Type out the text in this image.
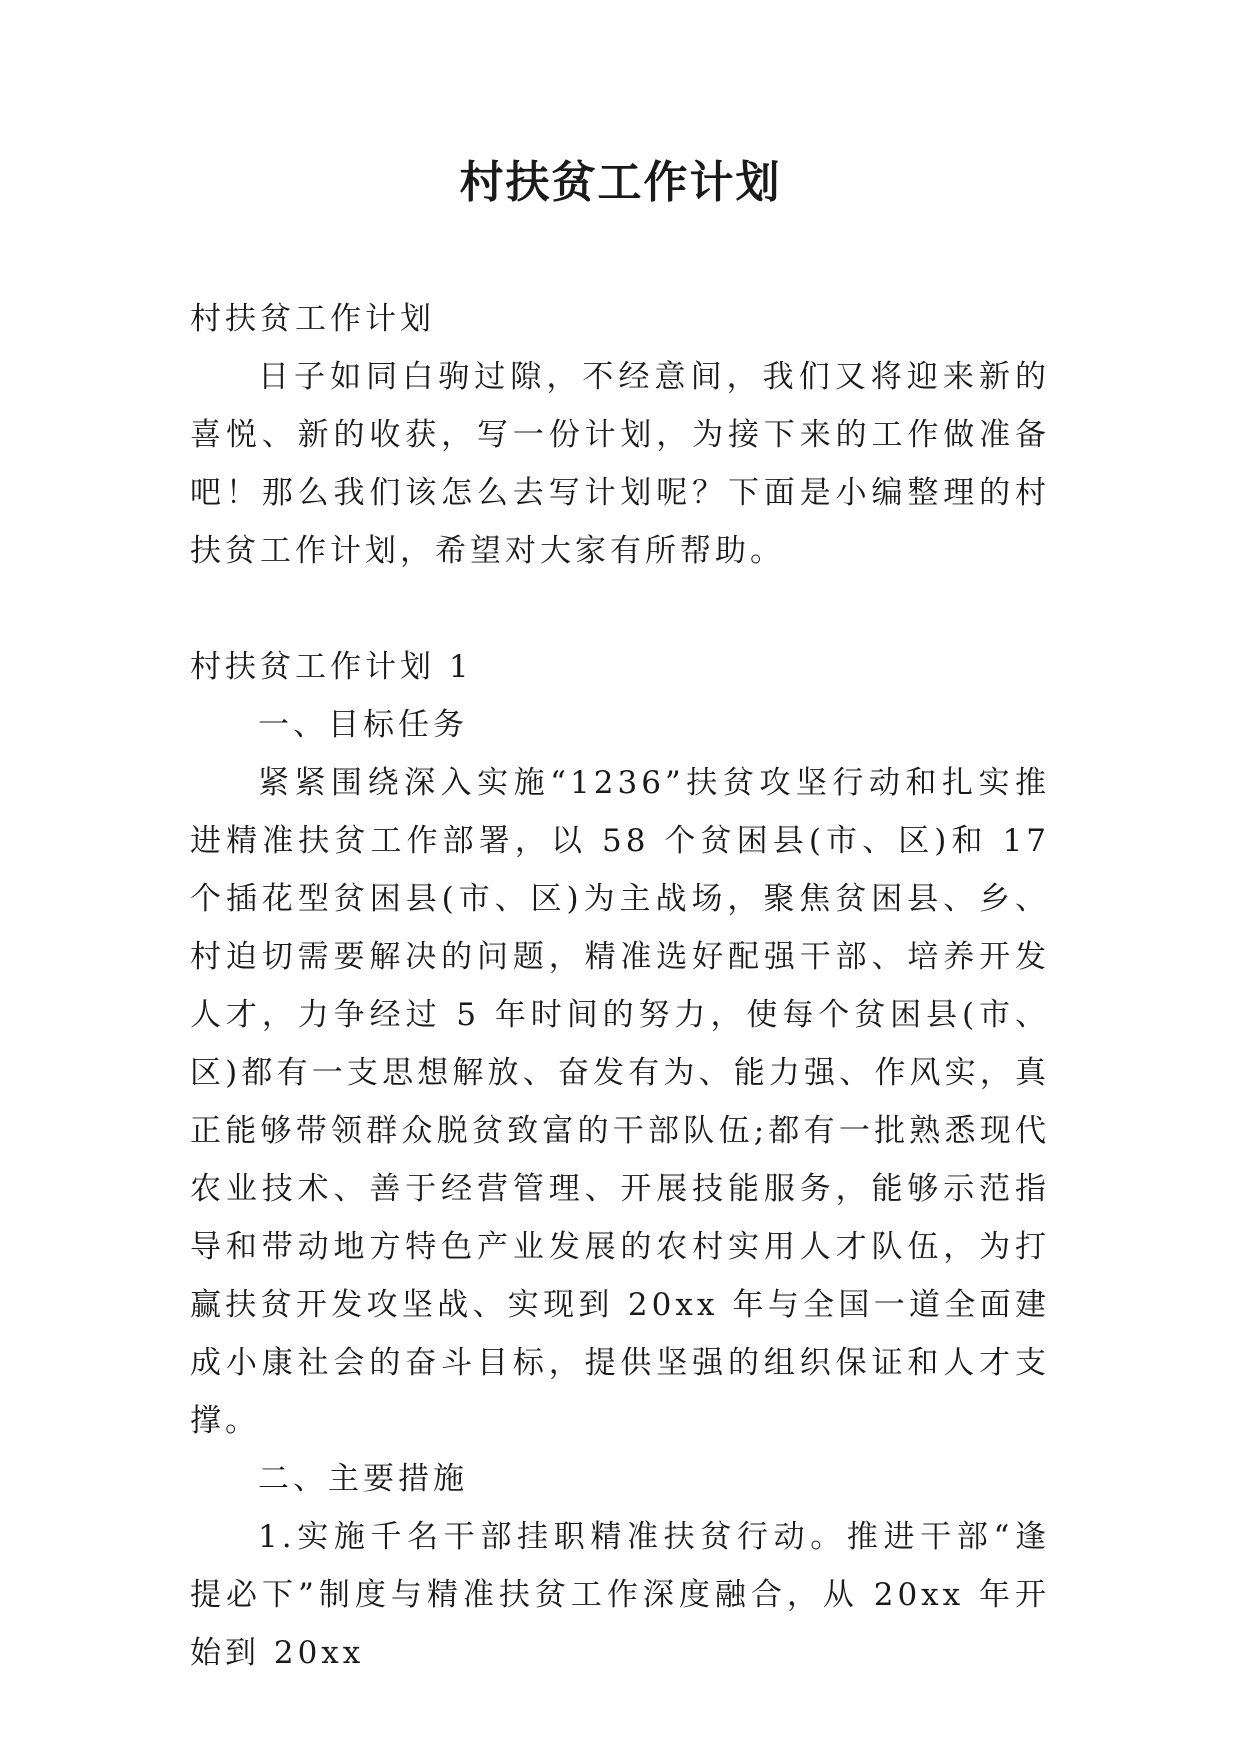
村扶贫工作计划

村扶贫工作计划

日子如同白驹过隙，不经意间，我们又将迎来新的喜悦、新的收获，写一份计划，为接下来的工作做准备吧！那么我们该怎么去写计划呢？下面是小编整理的村扶贫工作计划，希望对大家有所帮助。

村扶贫工作计划 1

一、目标任务

紧紧围绕深入实施“1236”扶贫攻坚行动和扎实推进精准扶贫工作部署，以 58 个贫困县(市、区)和 17 个插花型贫困县(市、区)为主战场，聚焦贫困县、乡、村迫切需要解决的问题，精准选好配强干部、培养开发人才，力争经过 5 年时间的努力，使每个贫困县(市、区)都有一支思想解放、奋发有为、能力强、作风实，真正能够带领群众脱贫致富的干部队伍;都有一批熟悉现代农业技术、善于经营管理、开展技能服务，能够示范指导和带动地方特色产业发展的农村实用人才队伍，为打赢扶贫开发攻坚战、实现到 20xx 年与全国一道全面建成小康社会的奋斗目标，提供坚强的组织保证和人才支撑。

二、主要措施

1.实施千名干部挂职精准扶贫行动。推进干部“逢提必下”制度与精准扶贫工作深度融合，从 20xx 年开始到 20xx
